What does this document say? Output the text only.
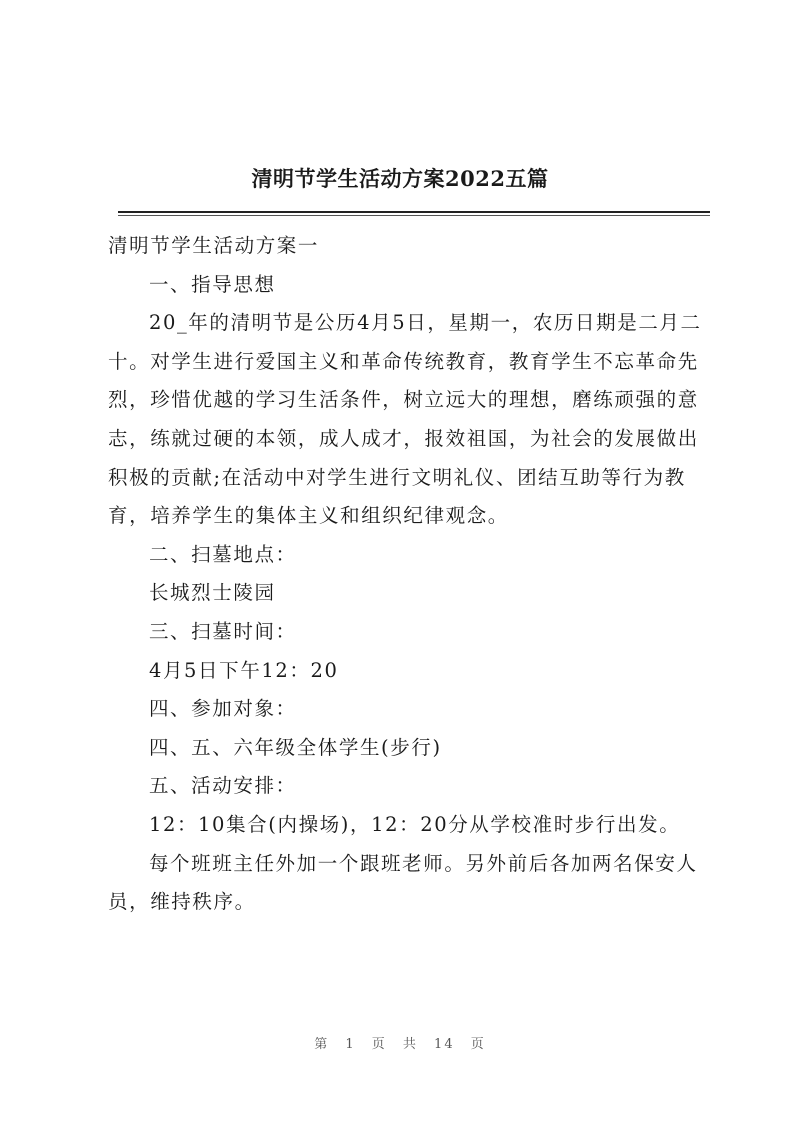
清明节学生活动方案2022五篇

清明节学生活动方案一

一、指导思想

20_年的清明节是公历4月5日，星期一，农历日期是二月二十。对学生进行爱国主义和革命传统教育，教育学生不忘革命先烈，珍惜优越的学习生活条件，树立远大的理想，磨练顽强的意志，练就过硬的本领，成人成才，报效祖国，为社会的发展做出积极的贡献;在活动中对学生进行文明礼仪、团结互助等行为教育，培养学生的集体主义和组织纪律观念。

二、扫墓地点：

长城烈士陵园

三、扫墓时间：

4月5日下午12：20

四、参加对象：

四、五、六年级全体学生(步行)

五、活动安排：

12：10集合(内操场)，12：20分从学校准时步行出发。

每个班班主任外加一个跟班老师。另外前后各加两名保安人员，维持秩序。

第 1 页 共 14 页
